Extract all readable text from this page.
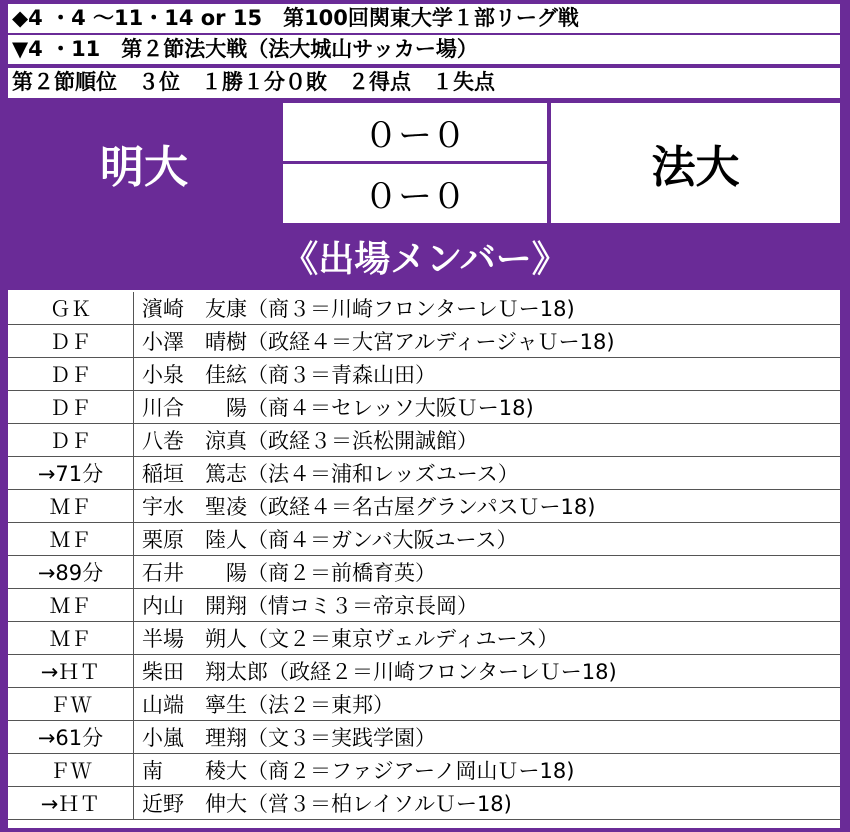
◆4 ・4 〜11・14 or 15　第100回関東大学１部リーグ戦
▼4 ・11　第２節法大戦（法大城山サッカー場）
第２節順位　３位　１勝１分０敗　２得点　１失点
明大
０ー０
０ー０
法大
《出場メンバー》
ＧＫ	濱崎　友康（商３＝川崎フロンターレＵー18)
ＤＦ	小澤　晴樹（政経４＝大宮アルディージャＵー18)
ＤＦ	小泉　佳絃（商３＝青森山田）
ＤＦ	川合　　陽（商４＝セレッソ大阪Ｕー18)
ＤＦ	八巻　涼真（政経３＝浜松開誠館）
→71分	稲垣　篤志（法４＝浦和レッズユース）
ＭＦ	宇水　聖凌（政経４＝名古屋グランパスＵー18)
ＭＦ	栗原　陸人（商４＝ガンバ大阪ユース）
→89分	石井　　陽（商２＝前橋育英）
ＭＦ	内山　開翔（情コミ３＝帝京長岡）
ＭＦ	半場　朔人（文２＝東京ヴェルディユース）
→ＨＴ	柴田　翔太郎（政経２＝川崎フロンターレＵー18)
ＦＷ	山端　寧生（法２＝東邦）
→61分	小嵐　理翔（文３＝実践学園）
ＦＷ	南　　稜大（商２＝ファジアーノ岡山Ｕー18)
→ＨＴ	近野　伸大（営３＝柏レイソルＵー18)
